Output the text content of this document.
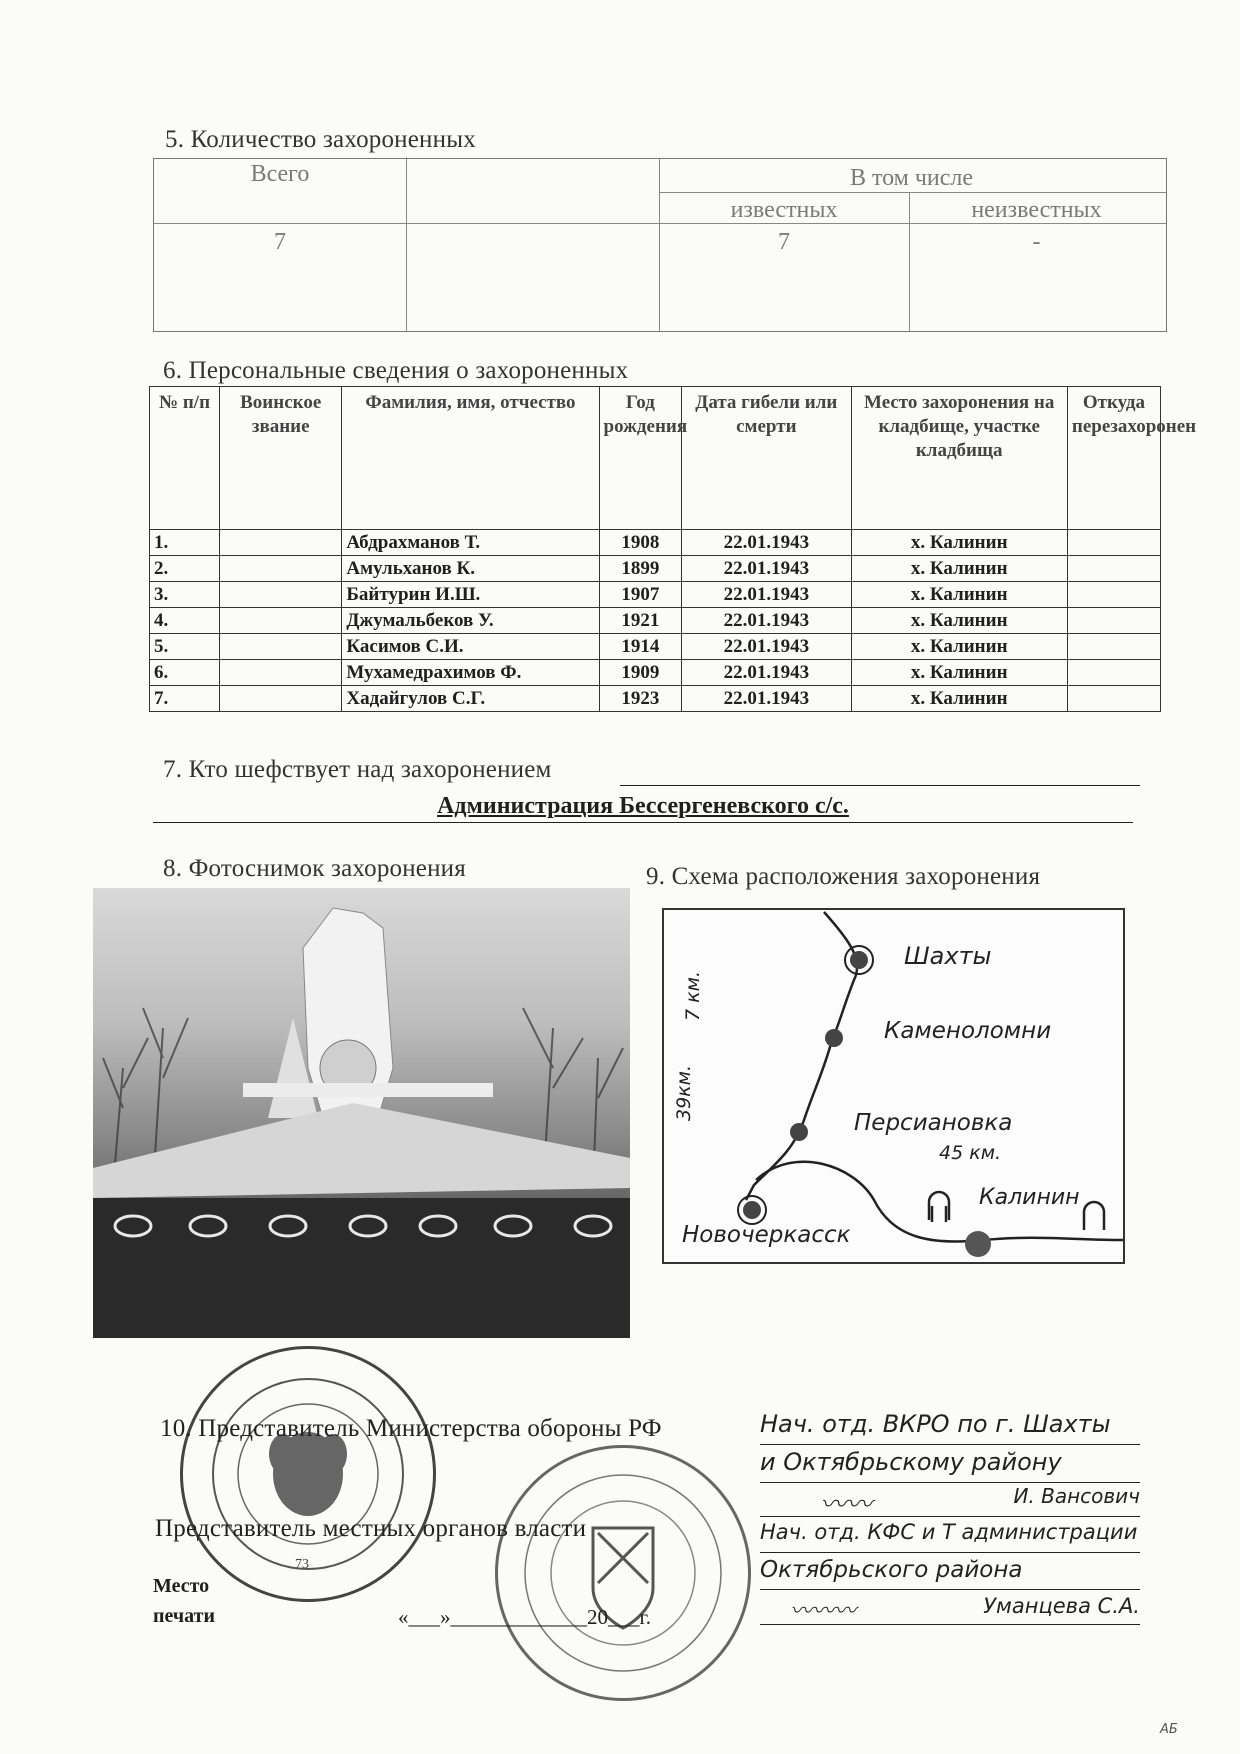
5. Количество захороненных
Всего	В том числе
известных	неизвестных
7	7	-
6. Персональные сведения о захороненных
№ п/п	Воинское звание	Фамилия, имя, отчество	Год рождения	Дата гибели или смерти	Место захоронения на кладбище, участке кладбища	Откуда перезахоронен
1.		Абдрахманов Т.	1908	22.01.1943	х. Калинин	
2.		Амульханов К.	1899	22.01.1943	х. Калинин	
3.		Байтурин И.Ш.	1907	22.01.1943	х. Калинин	
4.		Джумальбеков У.	1921	22.01.1943	х. Калинин	
5.		Касимов С.И.	1914	22.01.1943	х. Калинин	
6.		Мухамедрахимов Ф.	1909	22.01.1943	х. Калинин	
7.		Хадайгулов С.Г.	1923	22.01.1943	х. Калинин	
7. Кто шефствует над захоронением
Администрация Бессергеневского с/с.
8. Фотоснимок захоронения	9. Схема расположения захоронения
Шахты
Каменоломни
Персиановка
45 км.
Калинин
Новочеркасск
39км.
7 км.
73
10. Представитель Министерства обороны РФ	Нач. отд. ВКРО по г. Шахты
и Октябрьскому району
〰〰	И. Вансович
Представитель местных органов власти	Нач. отд. КФС и Т администрации
Октябрьского района
〰〰〰	Уманцева С.А.
Место
печати	«___»_____________20___г.
АБ
